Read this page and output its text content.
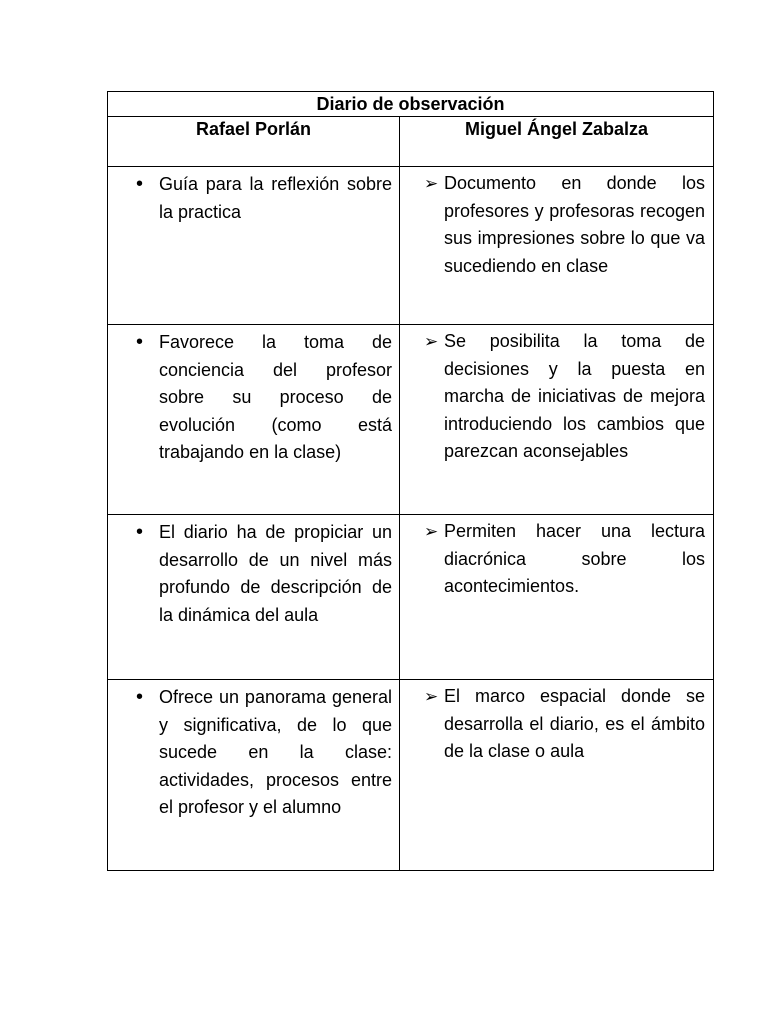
Diario de observación	
Rafael Porlán	Miguel Ángel Zabalza

• Guía para la reflexión sobre la practica	➢ Documento en donde los profesores y profesoras recogen sus impresiones sobre lo que va sucediendo en clase

• Favorece la toma de conciencia del profesor sobre su proceso de evolución (como está trabajando en la clase)	➢ Se posibilita la toma de decisiones y la puesta en marcha de iniciativas de mejora introduciendo los cambios que parezcan aconsejables

• El diario ha de propiciar un desarrollo de un nivel más profundo de descripción de la dinámica del aula	➢ Permiten hacer una lectura diacrónica sobre los acontecimientos.

• Ofrece un panorama general y significativa, de lo que sucede en la clase: actividades, procesos entre el profesor y el alumno	➢ El marco espacial donde se desarrolla el diario, es el ámbito de la clase o aula
